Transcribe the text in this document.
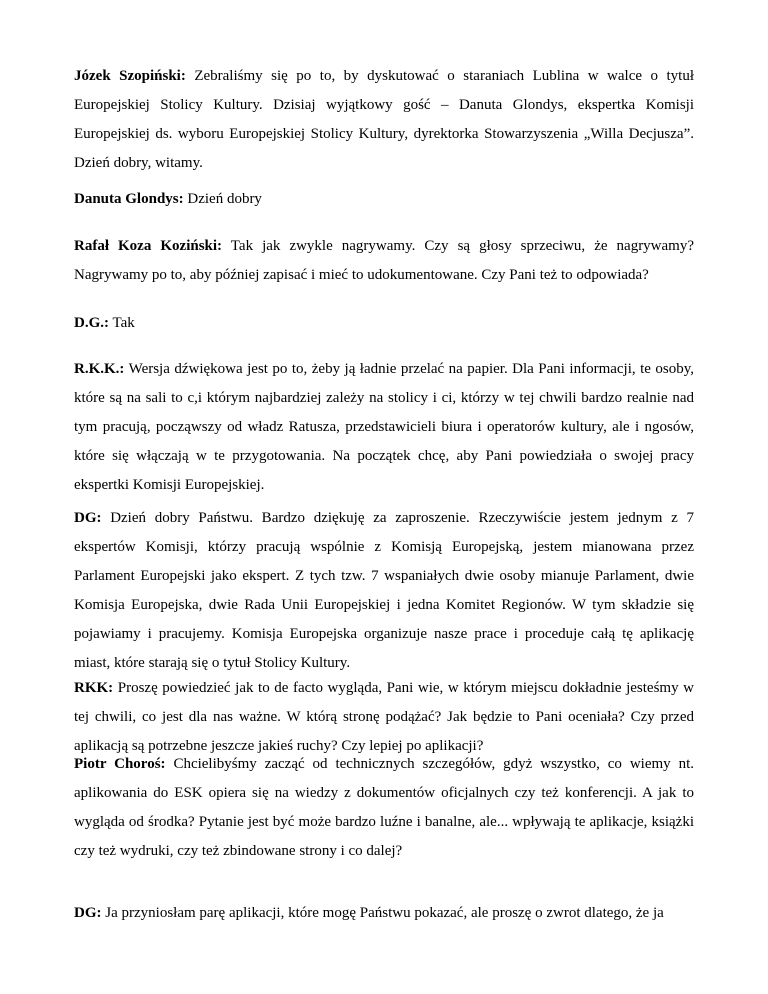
Józek Szopiński: Zebraliśmy się po to, by dyskutować o staraniach Lublina w walce o tytuł Europejskiej Stolicy Kultury. Dzisiaj wyjątkowy gość – Danuta Glondys, ekspertka Komisji Europejskiej ds. wyboru Europejskiej Stolicy Kultury, dyrektorka Stowarzyszenia „Willa Decjusza”. Dzień dobry, witamy.

Danuta Glondys: Dzień dobry

Rafał Koza Koziński: Tak jak zwykle nagrywamy. Czy są głosy sprzeciwu, że nagrywamy? Nagrywamy po to, aby później zapisać i mieć to udokumentowane. Czy Pani też to odpowiada?

D.G.: Tak

R.K.K.: Wersja dźwiękowa jest po to, żeby ją ładnie przelać na papier. Dla Pani informacji, te osoby, które są na sali to c,i którym najbardziej zależy na stolicy i ci, którzy w tej chwili bardzo realnie nad tym pracują, począwszy od władz Ratusza, przedstawicieli biura i operatorów kultury, ale i ngosów, które się włączają w te przygotowania. Na początek chcę, aby Pani powiedziała o swojej pracy ekspertki Komisji Europejskiej.

DG: Dzień dobry Państwu. Bardzo dziękuję za zaproszenie. Rzeczywiście jestem jednym z 7 ekspertów Komisji, którzy pracują wspólnie z Komisją Europejską, jestem mianowana przez Parlament Europejski jako ekspert. Z tych tzw. 7 wspaniałych dwie osoby mianuje Parlament, dwie Komisja Europejska, dwie Rada Unii Europejskiej i jedna Komitet Regionów. W tym składzie się pojawiamy i pracujemy. Komisja Europejska organizuje nasze prace i proceduje całą tę aplikację miast, które starają się o tytuł Stolicy Kultury.

RKK: Proszę powiedzieć jak to de facto wygląda, Pani wie, w którym miejscu dokładnie jesteśmy w tej chwili, co jest dla nas ważne. W którą stronę podążać? Jak będzie to Pani oceniała? Czy przed aplikacją są potrzebne jeszcze jakieś ruchy? Czy lepiej po aplikacji?

Piotr Choroś: Chcielibyśmy zacząć od technicznych szczegółów, gdyż wszystko, co wiemy nt. aplikowania do ESK opiera się na wiedzy z dokumentów oficjalnych czy też konferencji. A jak to wygląda od środka? Pytanie jest być może bardzo luźne i banalne, ale... wpływają te aplikacje, książki czy też wydruki, czy też zbindowane strony i co dalej?

DG: Ja przyniosłam parę aplikacji, które mogę Państwu pokazać, ale proszę o zwrot dlatego, że ja
